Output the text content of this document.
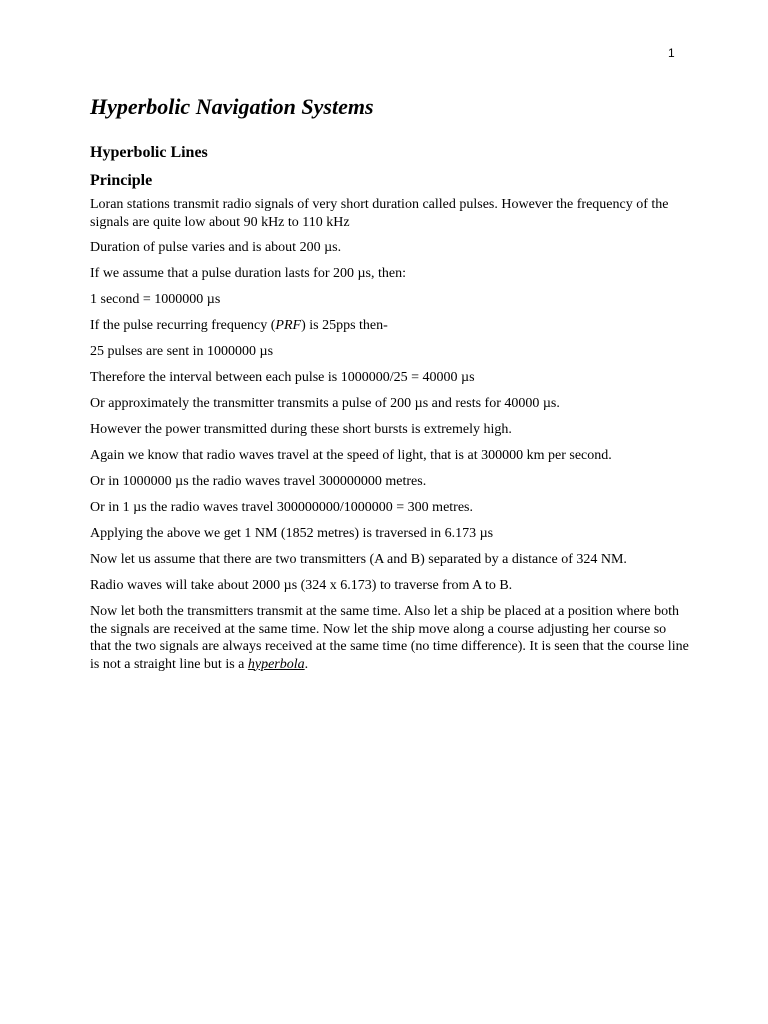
1
Hyperbolic Navigation Systems
Hyperbolic Lines
Principle

Loran stations transmit radio signals of very short duration called pulses. However the frequency of the signals are quite low about 90 kHz to 110 kHz

Duration of pulse varies and is about 200 µs.

If we assume that a pulse duration lasts for 200 µs, then:

1 second = 1000000 µs

If the pulse recurring frequency (PRF) is 25pps then-

25 pulses are sent in 1000000 µs

Therefore the interval between each pulse is 1000000/25 = 40000 µs

Or approximately the transmitter transmits a pulse of 200 µs and rests for 40000 µs.

However the power transmitted during these short bursts is extremely high.

Again we know that radio waves travel at the speed of light, that is at 300000 km per second.

Or in 1000000 µs the radio waves travel 300000000 metres.

Or in 1 µs the radio waves travel 300000000/1000000 = 300 metres.

Applying the above we get 1 NM (1852 metres) is traversed in 6.173 µs

Now let us assume that there are two transmitters (A and B) separated by a distance of 324 NM.

Radio waves will take about 2000 µs (324 x 6.173) to traverse from A to B.

Now let both the transmitters transmit at the same time. Also let a ship be placed at a position where both the signals are received at the same time. Now let the ship move along a course adjusting her course so that the two signals are always received at the same time (no time difference). It is seen that the course line is not a straight line but is a hyperbola.
